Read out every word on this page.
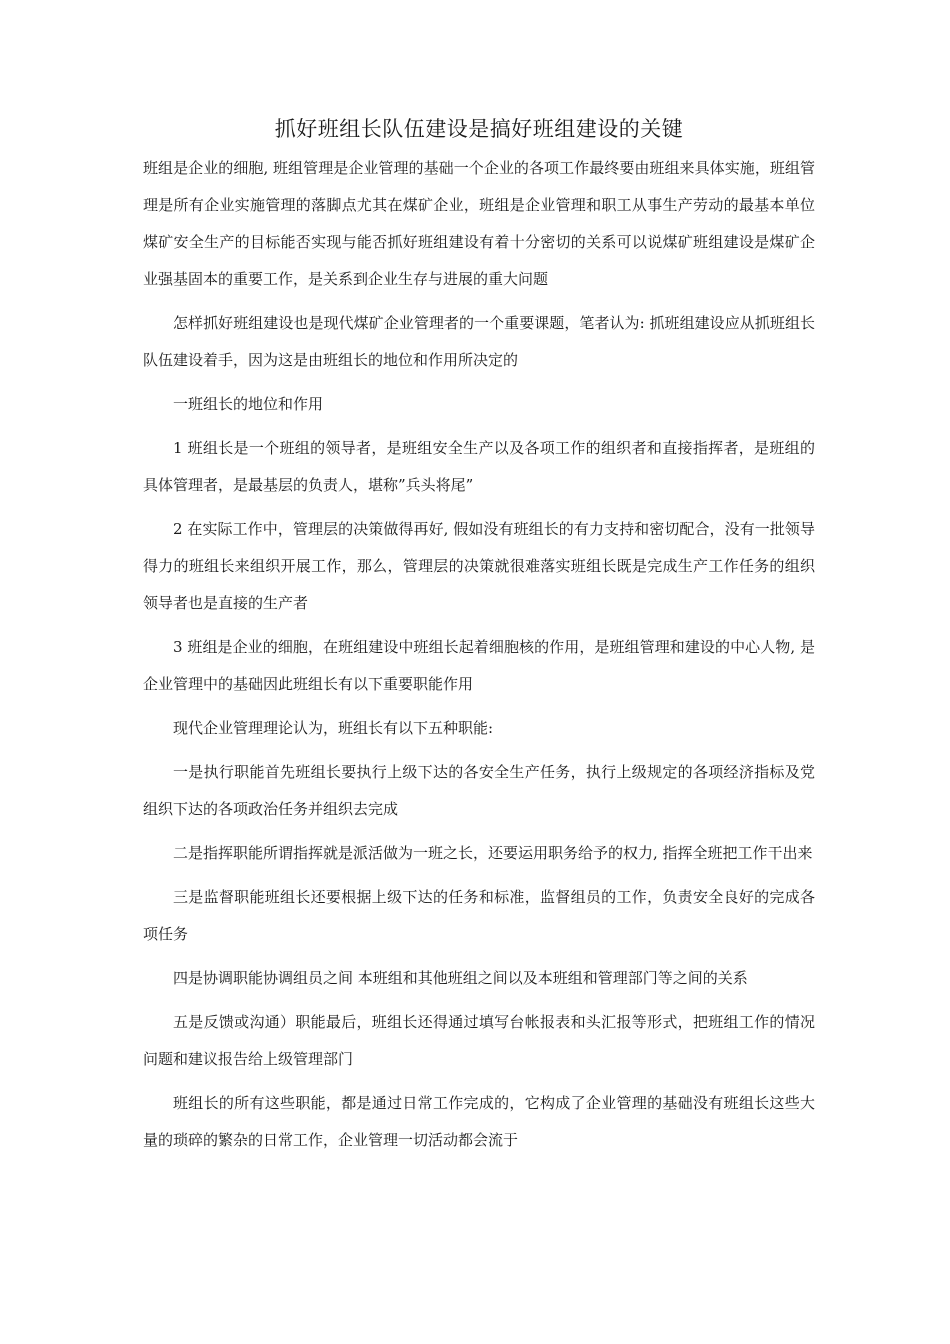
抓好班组长队伍建设是搞好班组建设的关键

班组是企业的细胞, 班组管理是企业管理的基础一个企业的各项工作最终要由班组来具体实施，班组管理是所有企业实施管理的落脚点尤其在煤矿企业，班组是企业管理和职工从事生产劳动的最基本单位 煤矿安全生产的目标能否实现与能否抓好班组建设有着十分密切的关系可以说煤矿班组建设是煤矿企业强基固本的重要工作，是关系到企业生存与进展的重大问题

怎样抓好班组建设也是现代煤矿企业管理者的一个重要课题，笔者认为: 抓班组建设应从抓班组长队伍建设着手，因为这是由班组长的地位和作用所决定的

一班组长的地位和作用

1 班组长是一个班组的领导者，是班组安全生产以及各项工作的组织者和直接指挥者，是班组的具体管理者，是最基层的负责人，堪称”兵头将尾”

2 在实际工作中，管理层的决策做得再好, 假如没有班组长的有力支持和密切配合，没有一批领导得力的班组长来组织开展工作，那么，管理层的决策就很难落实班组长既是完成生产工作任务的组织领导者也是直接的生产者

3 班组是企业的细胞，在班组建设中班组长起着细胞核的作用，是班组管理和建设的中心人物, 是企业管理中的基础因此班组长有以下重要职能作用

现代企业管理理论认为，班组长有以下五种职能:

一是执行职能首先班组长要执行上级下达的各安全生产任务，执行上级规定的各项经济指标及党组织下达的各项政治任务并组织去完成

二是指挥职能所谓指挥就是派活做为一班之长，还要运用职务给予的权力, 指挥全班把工作干出来

三是监督职能班组长还要根据上级下达的任务和标准，监督组员的工作，负责安全良好的完成各项任务

四是协调职能协调组员之间 本班组和其他班组之间以及本班组和管理部门等之间的关系

五是反馈或沟通）职能最后，班组长还得通过填写台帐报表和头汇报等形式，把班组工作的情况问题和建议报告给上级管理部门

班组长的所有这些职能，都是通过日常工作完成的，它构成了企业管理的基础没有班组长这些大量的琐碎的繁杂的日常工作，企业管理一切活动都会流于
